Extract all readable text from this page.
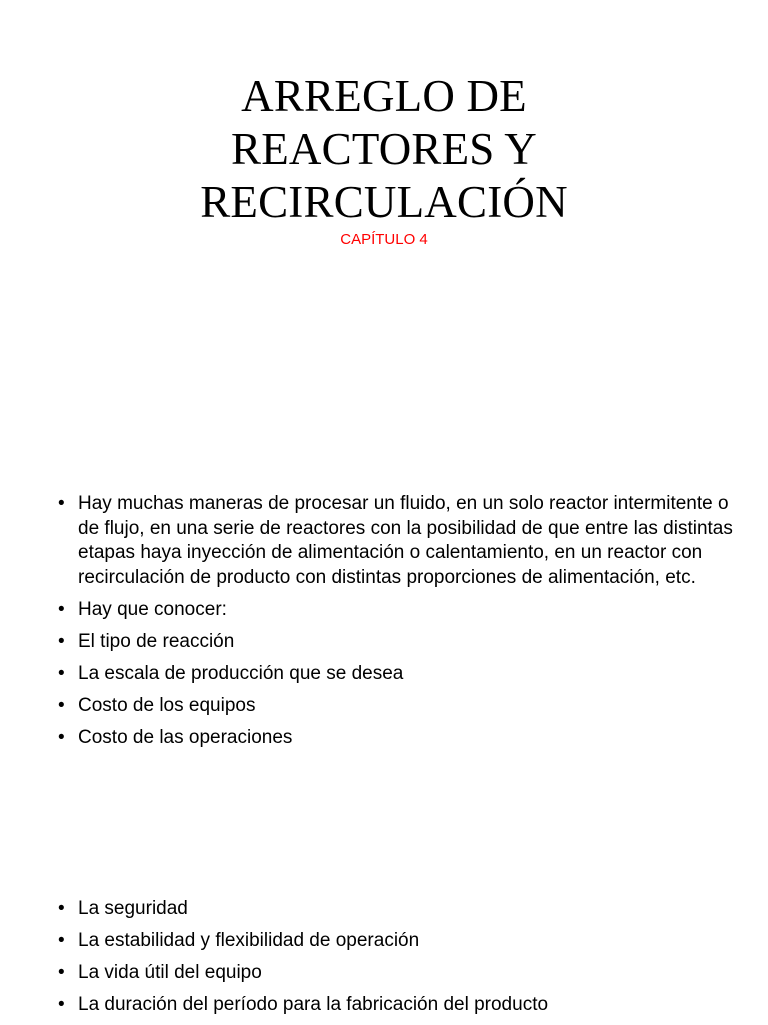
ARREGLO DE
REACTORES Y
RECIRCULACIÓN
CAPÍTULO 4
• Hay muchas maneras de procesar un fluido, en un solo reactor intermitente o de flujo, en una serie de reactores con la posibilidad de que entre las distintas etapas haya inyección de alimentación o calentamiento, en un reactor con recirculación de producto con distintas proporciones de alimentación, etc.
• Hay que conocer:
• El tipo de reacción
• La escala de producción que se desea
• Costo de los equipos
• Costo de las operaciones
• La seguridad
• La estabilidad y flexibilidad de operación
• La vida útil del equipo
• La duración del período para la fabricación del producto
